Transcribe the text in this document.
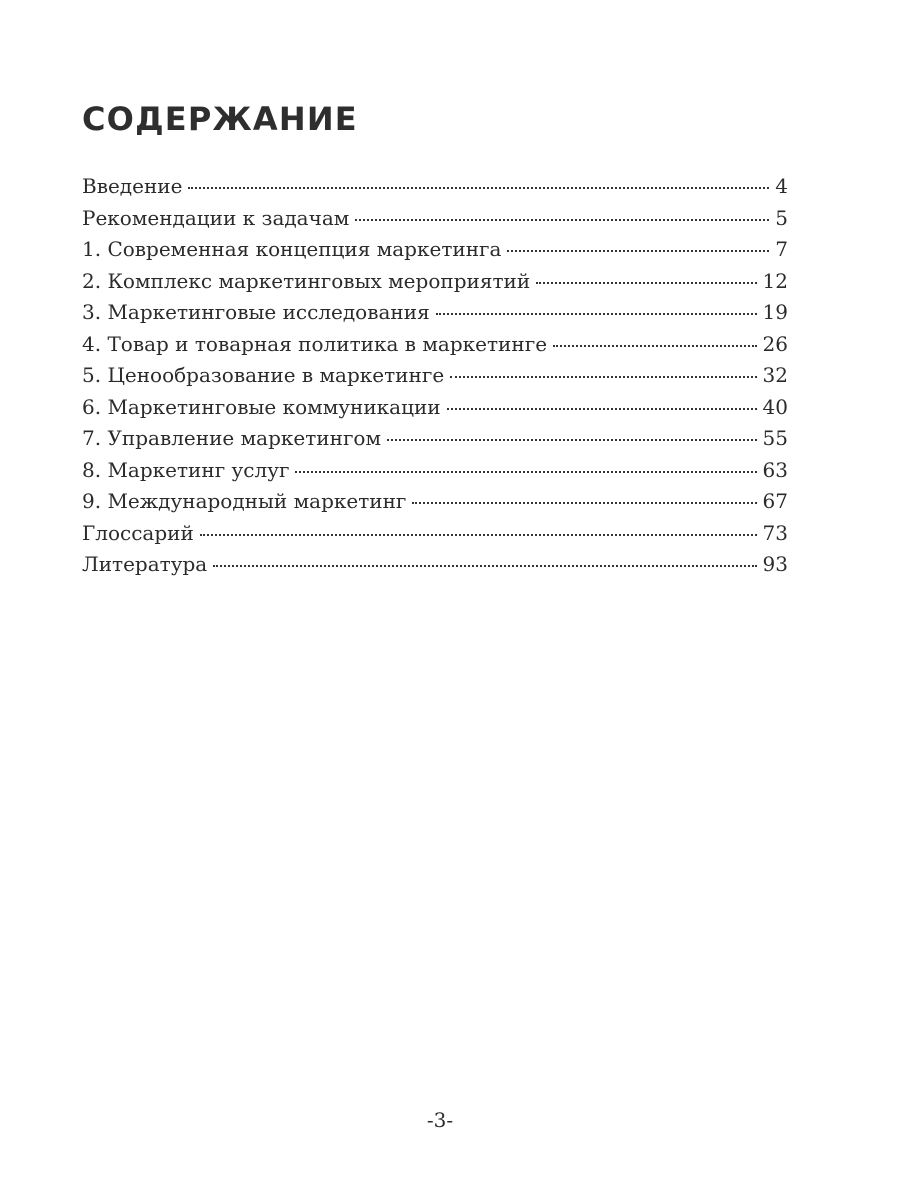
СОДЕРЖАНИЕ
Введение	4
Рекомендации к задачам	5
1. Современная концепция маркетинга	7
2. Комплекс маркетинговых мероприятий	12
3. Маркетинговые исследования	19
4. Товар и товарная политика в маркетинге	26
5. Ценообразование в маркетинге	32
6. Маркетинговые коммуникации	40
7. Управление маркетингом	55
8. Маркетинг услуг	63
9. Международный маркетинг	67
Глоссарий	73
Литература	93
-3-
